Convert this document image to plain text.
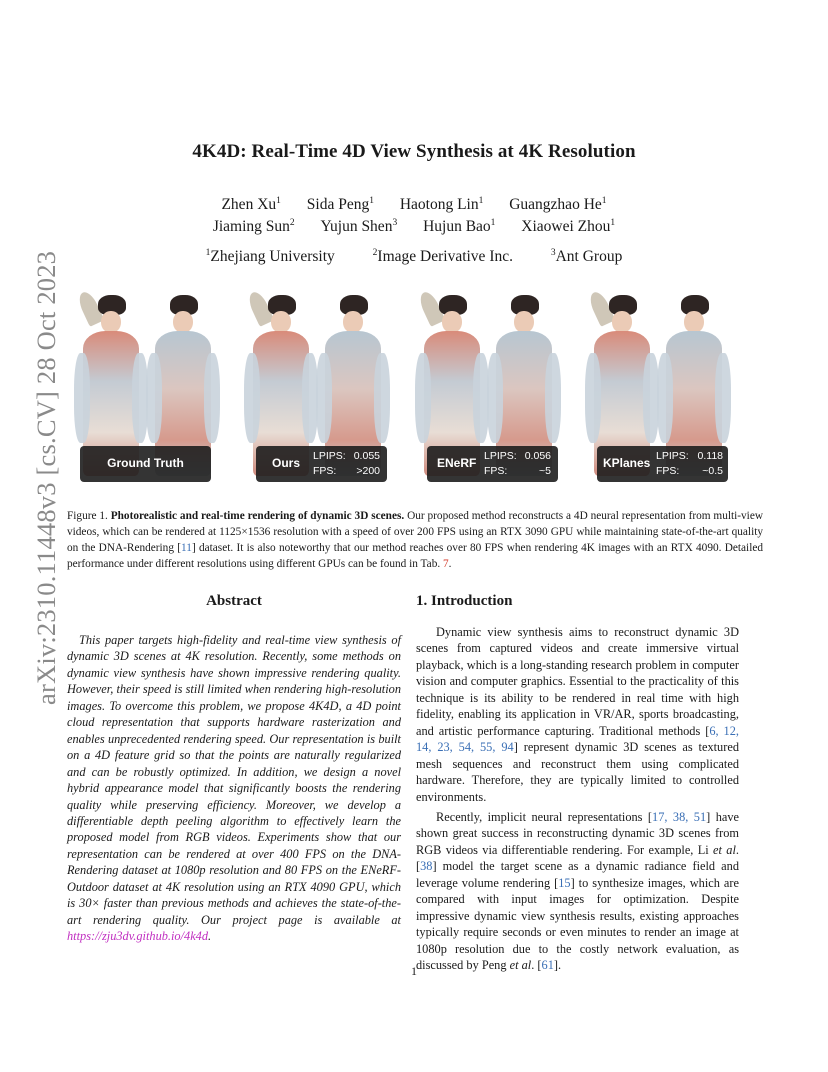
arXiv:2310.11448v3 [cs.CV] 28 Oct 2023
4K4D: Real-Time 4D View Synthesis at 4K Resolution
Zhen Xu$^1$ Sida Peng$^1$ Haotong Lin$^1$ Guangzhao He$^1$
Jiaming Sun$^2$ Yujun Shen$^3$ Hujun Bao$^1$ Xiaowei Zhou$^1$
$^1$Zhejiang University	$^2$Image Derivative Inc.	$^3$Ant Group
Ground Truth	Ours LPIPS: 0.055
FPS:	>200
ENeRF LPIPS: 0.056
FPS:	~5
KPlanes LPIPS: 0.118
FPS:	~0.5
Figure 1. Photorealistic and real-time rendering of dynamic 3D scenes. Our proposed method reconstructs a 4D neural representation from multi-view videos, which can be rendered at 1125×1536 resolution with a speed of over 200 FPS using an RTX 3090 GPU while maintaining state-of-the-art quality on the DNA-Rendering [11] dataset. It is also noteworthy that our method reaches over 80 FPS when rendering 4K images with an RTX 4090. Detailed performance under different resolutions using different GPUs can be found in Tab. 7.
Abstract

This paper targets high-fidelity and real-time view synthesis of dynamic 3D scenes at 4K resolution. Recently, some methods on dynamic view synthesis have shown impressive rendering quality. However, their speed is still limited when rendering high-resolution images. To overcome this problem, we propose 4K4D, a 4D point cloud representation that supports hardware rasterization and enables unprecedented rendering speed. Our representation is built on a 4D feature grid so that the points are naturally regularized and can be robustly optimized. In addition, we design a novel hybrid appearance model that significantly boosts the rendering quality while preserving efficiency. Moreover, we develop a differentiable depth peeling algorithm to effectively learn the proposed model from RGB videos. Experiments show that our representation can be rendered at over 400 FPS on the DNA-Rendering dataset at 1080p resolution and 80 FPS on the ENeRF-Outdoor dataset at 4K resolution using an RTX 4090 GPU, which is 30× faster than previous methods and achieves the state-of-the-art rendering quality. Our project page is available at https://zju3dv.github.io/4k4d.

1. Introduction

Dynamic view synthesis aims to reconstruct dynamic 3D scenes from captured videos and create immersive virtual playback, which is a long-standing research problem in computer vision and computer graphics. Essential to the practicality of this technique is its ability to be rendered in real time with high fidelity, enabling its application in VR/AR, sports broadcasting, and artistic performance capturing. Traditional methods [6, 12, 14, 23, 54, 55, 94] represent dynamic 3D scenes as textured mesh sequences and reconstruct them using complicated hardware. Therefore, they are typically limited to controlled environments.

Recently, implicit neural representations [17, 38, 51] have shown great success in reconstructing dynamic 3D scenes from RGB videos via differentiable rendering. For example, Li et al. [38] model the target scene as a dynamic radiance field and leverage volume rendering [15] to synthesize images, which are compared with input images for optimization. Despite impressive dynamic view synthesis results, existing approaches typically require seconds or even minutes to render an image at 1080p resolution due to the costly network evaluation, as discussed by Peng et al. [61].

1
